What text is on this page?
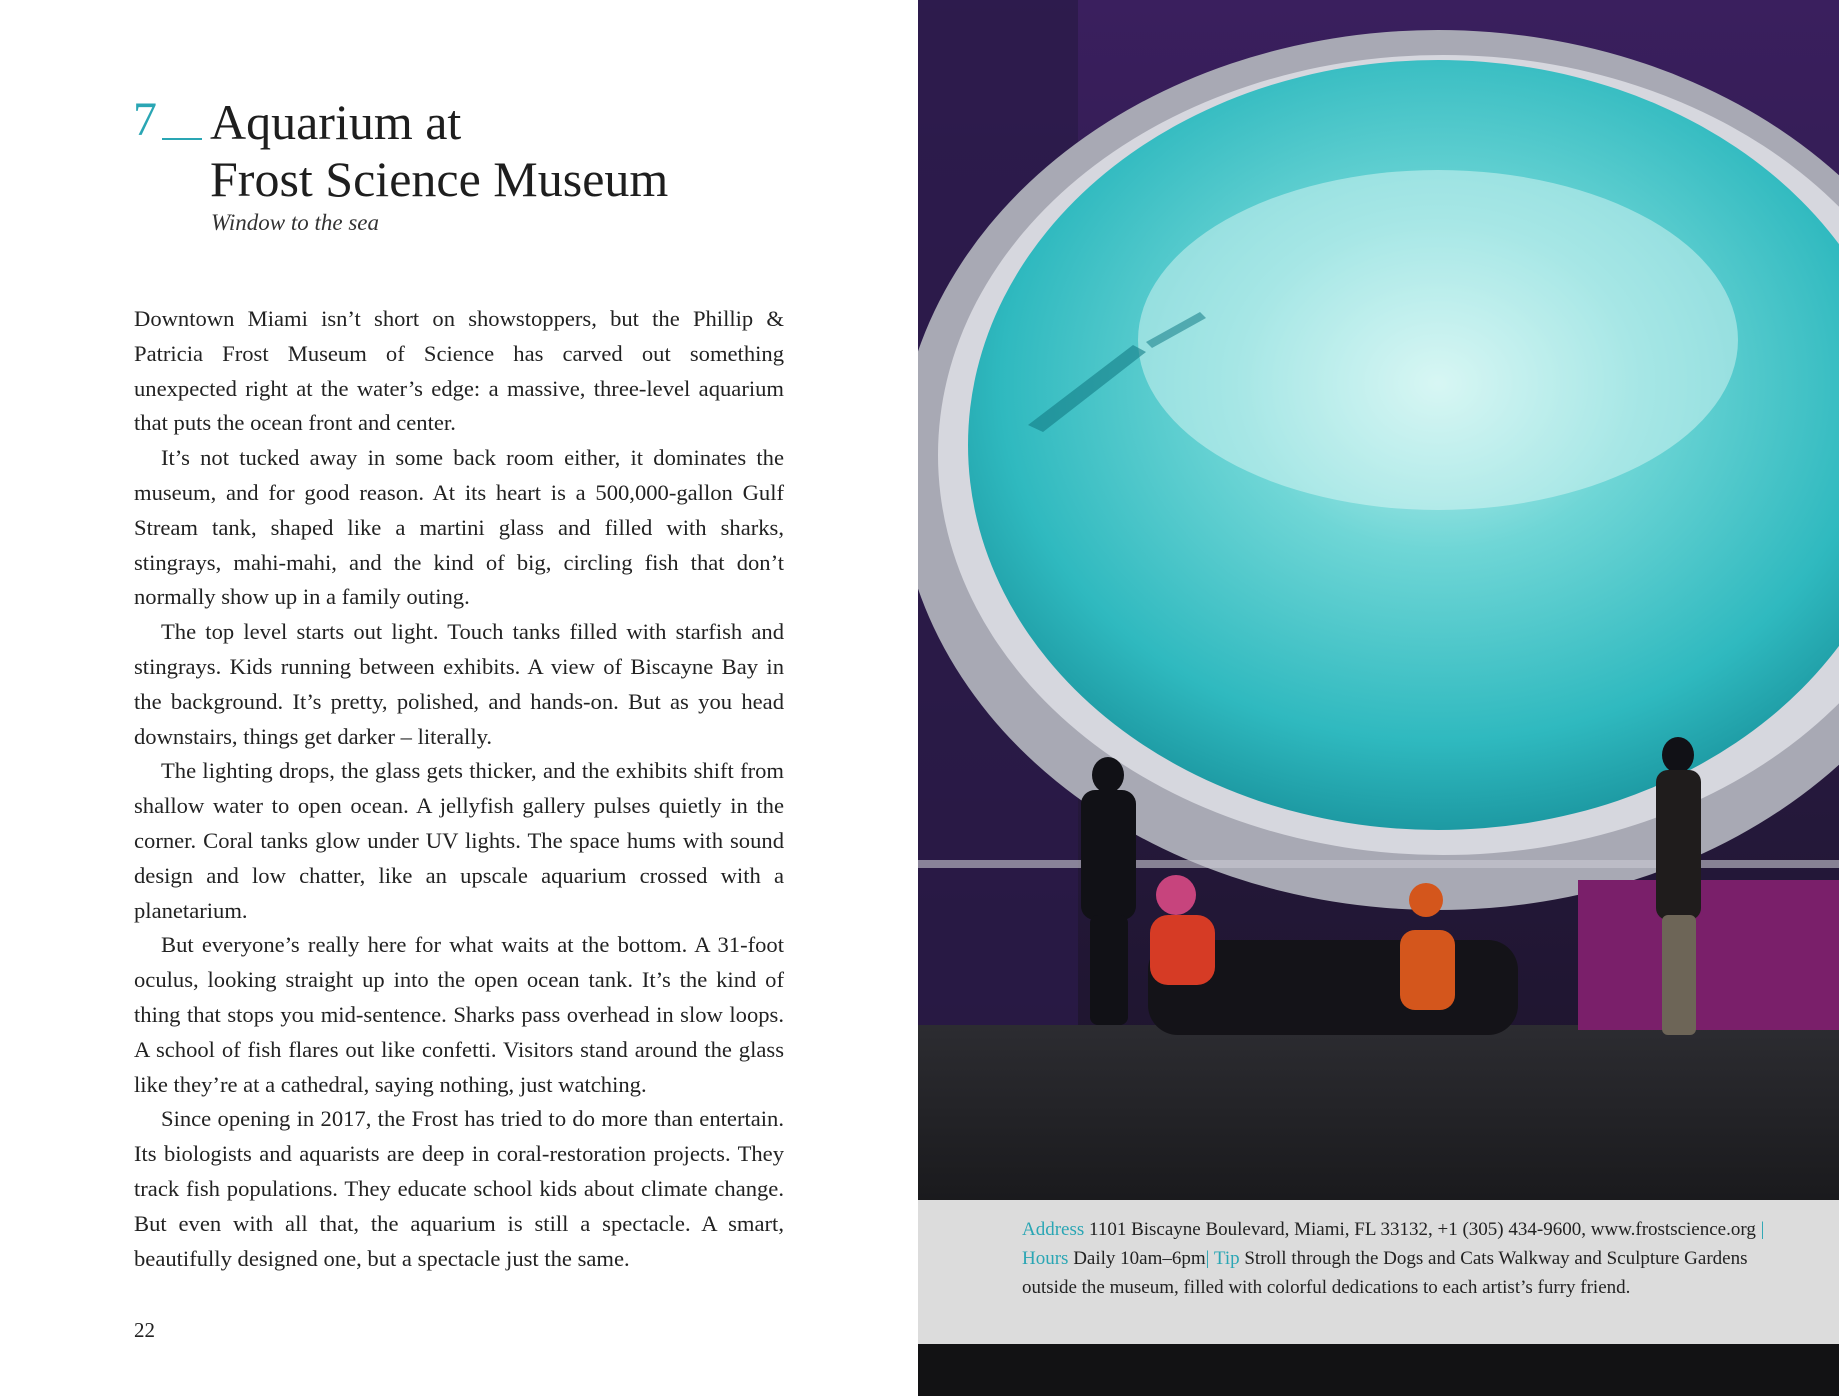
7 Aquarium at
Frost Science Museum
Window to the sea

Downtown Miami isn’t short on showstoppers, but the Phillip & Patricia Frost Museum of Science has carved out something unexpected right at the water’s edge: a massive, three-level aquarium that puts the ocean front and center.

It’s not tucked away in some back room either, it dominates the museum, and for good reason. At its heart is a 500,000-gallon Gulf Stream tank, shaped like a martini glass and filled with sharks, stingrays, mahi-mahi, and the kind of big, circling fish that don’t normally show up in a family outing.

The top level starts out light. Touch tanks filled with starfish and stingrays. Kids running between exhibits. A view of Biscayne Bay in the background. It’s pretty, polished, and hands-on. But as you head downstairs, things get darker – literally.

The lighting drops, the glass gets thicker, and the exhibits shift from shallow water to open ocean. A jellyfish gallery pulses quietly in the corner. Coral tanks glow under UV lights. The space hums with sound design and low chatter, like an upscale aquarium crossed with a planetarium.

But everyone’s really here for what waits at the bottom. A 31-foot oculus, looking straight up into the open ocean tank. It’s the kind of thing that stops you mid-sentence. Sharks pass overhead in slow loops. A school of fish flares out like confetti. Visitors stand around the glass like they’re at a cathedral, saying nothing, just watching.

Since opening in 2017, the Frost has tried to do more than entertain. Its biologists and aquarists are deep in coral-restoration projects. They track fish populations. They educate school kids about climate change. But even with all that, the aquarium is still a spectacle. A smart, beautifully designed one, but a spectacle just the same.

22
Address 1101 Biscayne Boulevard, Miami, FL 33132, +1 (305) 434-9600, www.frostscience.org | Hours Daily 10am–6pm| Tip Stroll through the Dogs and Cats Walkway and Sculpture Gardens outside the museum, filled with colorful dedications to each artist’s furry friend.
